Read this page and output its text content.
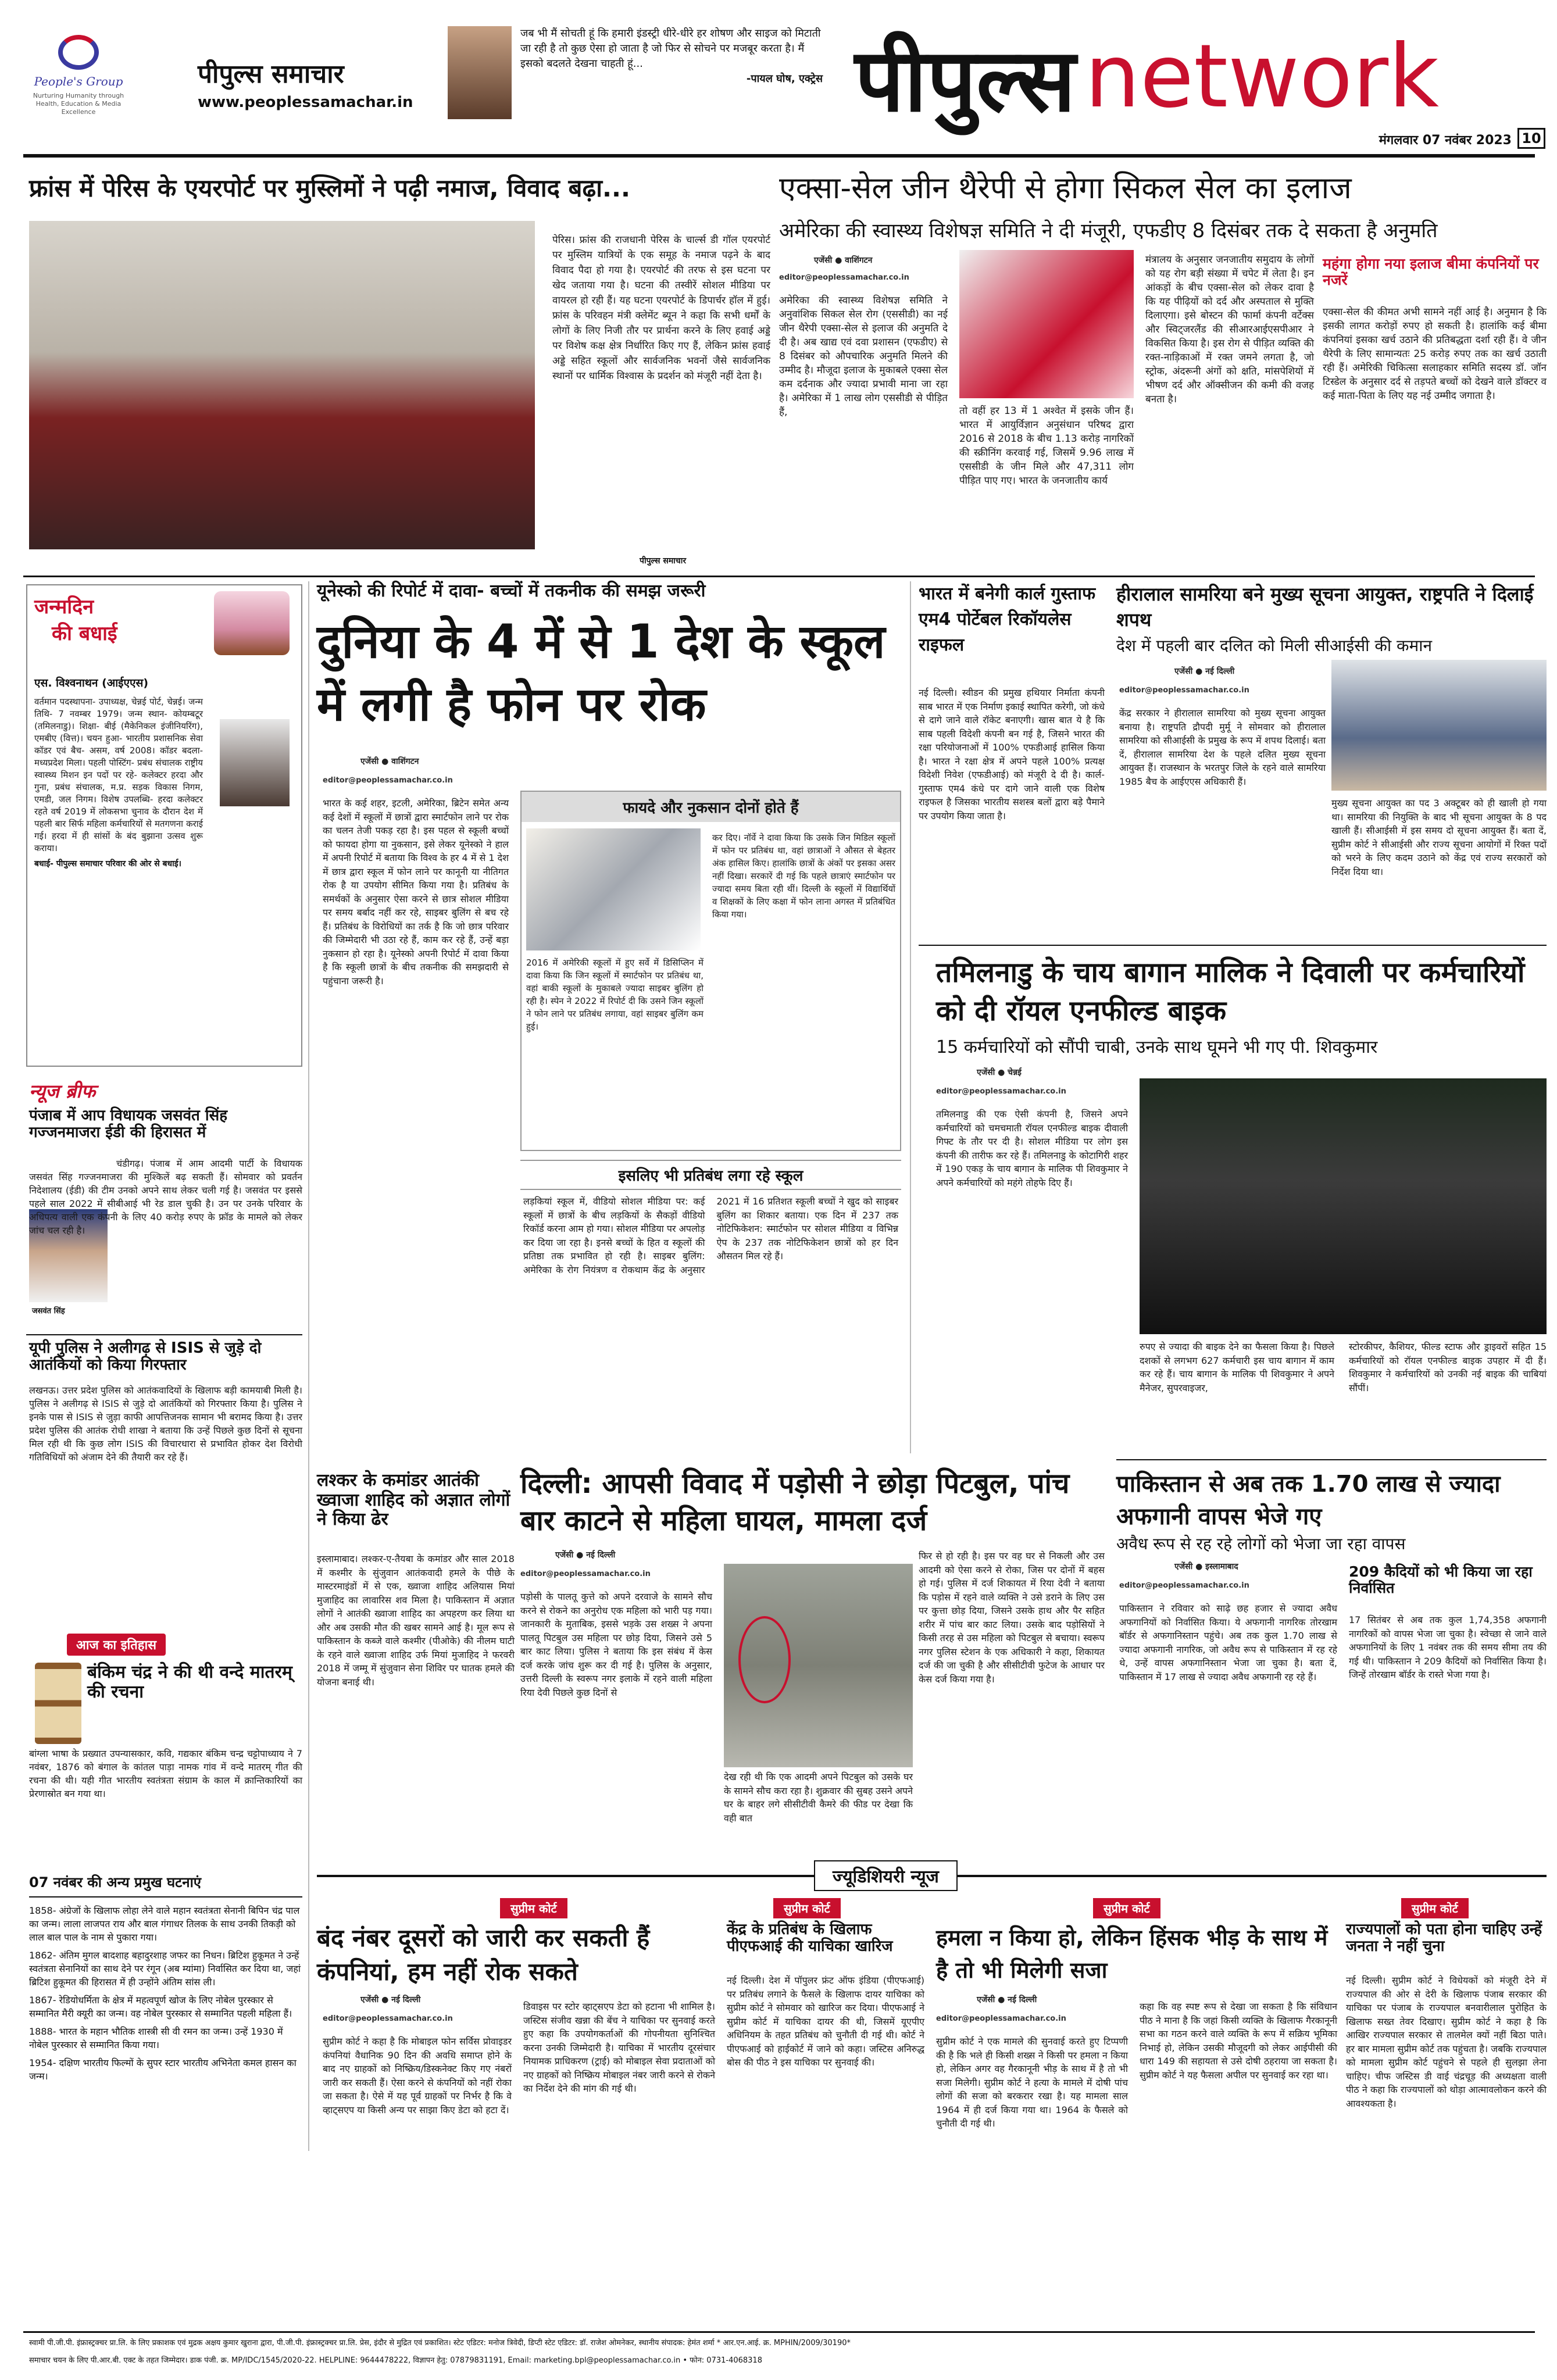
People's Group
Nurturing Humanity through Health, Education & Media Excellence
पीपुल्स समाचार
www.peoplessamachar.in
जब भी मैं सोचती हूं कि हमारी इंडस्ट्री धीरे-धीरे हर शोषण और साइज को मिटाती जा रही है तो कुछ ऐसा हो जाता है जो फिर से सोचने पर मजबूर करता है। मैं इसको बदलते देखना चाहती हूं...
-पायल घोष, एक्ट्रेस पीपुल्स network
मंगलवार 07 नवंबर 2023 10
फ्रांस में पेरिस के एयरपोर्ट पर मुस्लिमों ने पढ़ी नमाज, विवाद बढ़ा...
पेरिस। फ्रांस की राजधानी पेरिस के चार्ल्स डी गॉल एयरपोर्ट पर मुस्लिम यात्रियों के एक समूह के नमाज पढ़ने के बाद विवाद पैदा हो गया है। एयरपोर्ट की तरफ से इस घटना पर खेद जताया गया है। घटना की तस्वीरें सोशल मीडिया पर वायरल हो रही हैं। यह घटना एयरपोर्ट के डिपार्चर हॉल में हुई। फ्रांस के परिवहन मंत्री क्लेमेंट ब्यून ने कहा कि सभी धर्मों के लोगों के लिए निजी तौर पर प्रार्थना करने के लिए हवाई अड्डे पर विशेष कक्ष क्षेत्र निर्धारित किए गए हैं, लेकिन फ्रांस हवाई अड्डे सहित स्कूलों और सार्वजनिक भवनों जैसे सार्वजनिक स्थानों पर धार्मिक विश्वास के प्रदर्शन को मंजूरी नहीं देता है।
पीपुल्स समाचार
एक्सा-सेल जीन थैरेपी से होगा सिकल सेल का इलाज
अमेरिका की स्वास्थ्य विशेषज्ञ समिति ने दी मंजूरी, एफडीए 8 दिसंबर तक दे सकता है अनुमति
एजेंसी ● वाशिंगटन
editor@peoplessamachar.co.in
अमेरिका की स्वास्थ्य विशेषज्ञ समिति ने अनुवांशिक सिकल सेल रोग (एससीडी) का नई जीन थैरेपी एक्सा-सेल से इलाज की अनुमति दे दी है। अब खाद्य एवं दवा प्रशासन (एफडीए) से 8 दिसंबर को औपचारिक अनुमति मिलने की उम्मीद है। मौजूदा इलाज के मुकाबले एक्सा सेल कम दर्दनाक और ज्यादा प्रभावी माना जा रहा है। अमेरिका में 1 लाख लोग एससीडी से पीड़ित हैं,	तो वहीं हर 13 में 1 अश्वेत में इसके जीन हैं। भारत में आयुर्विज्ञान अनुसंधान परिषद द्वारा 2016 से 2018 के बीच 1.13 करोड़ नागरिकों की स्क्रीनिंग करवाई गई, जिसमें 9.96 लाख में एससीडी के जीन मिले और 47,311 लोग पीड़ित पाए गए। भारत के जनजातीय कार्य
मंत्रालय के अनुसार जनजातीय समुदाय के लोगों को यह रोग बड़ी संख्या में चपेट में लेता है। इन आंकड़ों के बीच एक्सा-सेल को लेकर दावा है कि यह पीढ़ियों को दर्द और अस्पताल से मुक्ति दिलाएगा। इसे बोस्टन की फार्मा कंपनी वर्टेक्स और स्विट्जरलैंड की सीआरआईएसपीआर ने विकसित किया है। इस रोग से पीड़ित व्यक्ति की रक्त-नाड़िकाओं में रक्त जमने लगता है, जो स्ट्रोक, अंदरूनी अंगों को क्षति, मांसपेशियों में भीषण दर्द और ऑक्सीजन की कमी की वजह बनता है।
महंगा होगा नया इलाज बीमा कंपनियों पर नजरें
एक्सा-सेल की कीमत अभी सामने नहीं आई है। अनुमान है कि इसकी लागत करोड़ों रुपए हो सकती है। हालांकि कई बीमा कंपनियां इसका खर्च उठाने की प्रतिबद्धता दर्शा रही हैं। वे जीन थैरेपी के लिए सामान्यतः 25 करोड़ रुपए तक का खर्च उठाती रही हैं। अमेरिकी चिकित्सा सलाहकार समिति सदस्य डॉ. जॉन टिस्डेल के अनुसार दर्द से तड़पते बच्चों को देखने वाले डॉक्टर व कई माता-पिता के लिए यह नई उम्मीद जगाता है।
जन्मदिन
की बधाई
एस. विश्वनाथन (आईएएस)
वर्तमान पदस्थापना- उपाध्यक्ष, चेन्नई पोर्ट, चेन्नई। जन्म तिथि- 7 नवम्बर 1979। जन्म स्थान- कोयम्बटूर (तमिलनाडु)। शिक्षा- बीई (मैकेनिकल इंजीनियरिंग), एमबीए (वित्त)। चयन हुआ- भारतीय प्रशासनिक सेवा कॉडर एवं बैच- असम, वर्ष 2008। कॉडर बदला- मध्यप्रदेश मिला। पहली पोस्टिंग- प्रबंध संचालक राष्ट्रीय स्वास्थ्य मिशन इन पदों पर रहे- कलेक्टर हरदा और गुना, प्रबंध संचालक, म.प्र. सड़क विकास निगम, एमडी, जल निगम। विशेष उपलब्धि- हरदा कलेक्टर रहते वर्ष 2019 में लोकसभा चुनाव के दौरान देश में पहली बार सिर्फ महिला कर्मचारियों से मतगणना कराई गई। हरदा में ही सांसों के बंद बुझाना उत्सव शुरू कराया।
बधाई- पीपुल्स समाचार परिवार की ओर से बधाई।
न्यूज ब्रीफ
पंजाब में आप विधायक जसवंत सिंह गज्जनमाजरा ईडी की हिरासत में
जसवंत सिंह
चंडीगढ़। पंजाब में आम आदमी पार्टी के विधायक जसवंत सिंह गज्जनमाजरा की मुश्किलें बढ़ सकती हैं। सोमवार को प्रवर्तन निदेशालय (ईडी) की टीम उनको अपने साथ लेकर चली गई है। जसवंत पर इससे पहले साल 2022 में सीबीआई भी रेड डाल चुकी है। उन पर उनके परिवार के अधिपत्य वाली एक कंपनी के लिए 40 करोड़ रुपए के फ्रॉड के मामले को लेकर जांच चल रही है।
यूपी पुलिस ने अलीगढ़ से ISIS से जुड़े दो आतंकियों को किया गिरफ्तार
लखनऊ। उत्तर प्रदेश पुलिस को आतंकवादियों के खिलाफ बड़ी कामयाबी मिली है। पुलिस ने अलीगढ़ से ISIS से जुड़े दो आतंकियों को गिरफ्तार किया है। पुलिस ने इनके पास से ISIS से जुड़ा काफी आपत्तिजनक सामान भी बरामद किया है। उत्तर प्रदेश पुलिस की आतंक रोधी शाखा ने बताया कि उन्हें पिछले कुछ दिनों से सूचना मिल रही थी कि कुछ लोग ISIS की विचारधारा से प्रभावित होकर देश विरोधी गतिविधियों को अंजाम देने की तैयारी कर रहे हैं।
आज का इतिहास
बंकिम चंद्र ने की थी वन्दे मातरम् की रचना
बांग्ला भाषा के प्रख्यात उपन्यासकार, कवि, गद्यकार बंकिम चन्द्र चट्टोपाध्याय ने 7 नवंबर, 1876 को बंगाल के कांतल पाड़ा नामक गांव में वन्दे मातरम् गीत की रचना की थी। यही गीत भारतीय स्वतंत्रता संग्राम के काल में क्रान्तिकारियों का प्रेरणास्रोत बन गया था।
07 नवंबर की अन्य प्रमुख घटनाएं
1858- अंग्रेजों के खिलाफ लोहा लेने वाले महान स्वतंत्रता सेनानी बिपिन चंद्र पाल का जन्म। लाला लाजपत राय और बाल गंगाधर तिलक के साथ उनकी तिकड़ी को लाल बाल पाल के नाम से पुकारा गया।
1862- अंतिम मुगल बादशाह बहादुरशाह जफर का निधन। ब्रिटिश हुकूमत ने उन्हें स्वतंत्रता सेनानियों का साथ देने पर रंगून (अब म्यांमा) निर्वासित कर दिया था, जहां ब्रिटिश हुकूमत की हिरासत में ही उन्होंने अंतिम सांस ली।
1867- रेडियोधर्मिता के क्षेत्र में महत्वपूर्ण खोज के लिए नोबेल पुरस्कार से सम्मानित मैरी क्यूरी का जन्म। वह नोबेल पुरस्कार से सम्मानित पहली महिला हैं।
1888- भारत के महान भौतिक शास्त्री सी वी रमन का जन्म। उन्हें 1930 में नोबेल पुरस्कार से सम्मानित किया गया।
1954- दक्षिण भारतीय फिल्मों के सुपर स्टार भारतीय अभिनेता कमल हासन का जन्म।
यूनेस्को की रिपोर्ट में दावा- बच्चों में तकनीक की समझ जरूरी
दुनिया के 4 में से 1 देश के स्कूल में लगी है फोन पर रोक
एजेंसी ● वाशिंगटन
editor@peoplessamachar.co.in
भारत के कई शहर, इटली, अमेरिका, ब्रिटेन समेत अन्य कई देशों में स्कूलों में छात्रों द्वारा स्मार्टफोन लाने पर रोक का चलन तेजी पकड़ रहा है। इस पहल से स्कूली बच्चों को फायदा होगा या नुकसान, इसे लेकर यूनेस्को ने हाल में अपनी रिपोर्ट में बताया कि विश्व के हर 4 में से 1 देश में छात्र द्वारा स्कूल में फोन लाने पर कानूनी या नीतिगत रोक है या उपयोग सीमित किया गया है। प्रतिबंध के समर्थकों के अनुसार ऐसा करने से छात्र सोशल मीडिया पर समय बर्बाद नहीं कर रहे, साइबर बुलिंग से बच रहे हैं। प्रतिबंध के विरोधियों का तर्क है कि जो छात्र परिवार की जिम्मेदारी भी उठा रहे हैं, काम कर रहे हैं, उन्हें बड़ा नुकसान हो रहा है। यूनेस्को अपनी रिपोर्ट में दावा किया है कि स्कूली छात्रों के बीच तकनीक की समझदारी से पहुंचाना जरूरी है।
फायदे और नुकसान दोनों होते हैं
2016 में अमेरिकी स्कूलों में हुए सर्वे में डिसिप्लिन में दावा किया कि जिन स्कूलों में स्मार्टफोन पर प्रतिबंध था, वहां बाकी स्कूलों के मुकाबले ज्यादा साइबर बुलिंग हो रही है। स्पेन ने 2022 में रिपोर्ट दी कि उसने जिन स्कूलों ने फोन लाने पर प्रतिबंध लगाया, वहां साइबर बुलिंग कम हुई।
कर दिए। नॉर्वे ने दावा किया कि उसके जिन मिडिल स्कूलों में फोन पर प्रतिबंध था, वहां छात्राओं ने औसत से बेहतर अंक हासिल किए। हालांकि छात्रों के अंकों पर इसका असर नहीं दिखा। सरकारें दी गई कि पहले छात्राएं स्मार्टफोन पर ज्यादा समय बिता रही थीं। दिल्ली के स्कूलों में विद्यार्थियों व शिक्षकों के लिए कक्षा में फोन लाना अगस्त में प्रतिबंधित किया गया।
इसलिए भी प्रतिबंध लगा रहे स्कूल
लड़कियां स्कूल में, वीडियो सोशल मीडिया पर: कई स्कूलों में छात्रों के बीच लड़कियों के सैकड़ों वीडियो रिकॉर्ड करना आम हो गया। सोशल मीडिया पर अपलोड़ कर दिया जा रहा है। इनसे बच्चों के हित व स्कूलों की प्रतिष्ठा तक प्रभावित हो रही है। साइबर बुलिंग: अमेरिका के रोग नियंत्रण व रोकथाम केंद्र के अनुसार 2021 में 16 प्रतिशत स्कूली बच्चों ने खुद को साइबर बुलिंग का शिकार बताया। एक दिन में 237 तक नोटिफिकेशन: स्मार्टफोन पर सोशल मीडिया व विभिन्न ऐप के 237 तक नोटिफिकेशन छात्रों को हर दिन औसतन मिल रहे हैं।
लश्कर के कमांडर आतंकी ख्वाजा शाहिद को अज्ञात लोगों ने किया ढेर
इस्लामाबाद। लश्कर-ए-तैयबा के कमांडर और साल 2018 में कश्मीर के सुंजुवान आतंकवादी हमले के पीछे के मास्टरमाइंडों में से एक, ख्वाजा शाहिद अलियास मियां मुजाहिद का लावारिस शव मिला है। पाकिस्तान में अज्ञात लोगों ने आतंकी ख्वाजा शाहिद का अपहरण कर लिया था और अब उसकी मौत की खबर सामने आई है। मूल रूप से पाकिस्तान के कब्जे वाले कश्मीर (पीओके) की नीलम घाटी के रहने वाले ख्वाजा शाहिद उर्फ मियां मुजाहिद ने फरवरी 2018 में जम्मू में सुंजुवान सेना शिविर पर घातक हमले की योजना बनाई थी।
दिल्ली: आपसी विवाद में पड़ोसी ने छोड़ा पिटबुल, पांच बार काटने से महिला घायल, मामला दर्ज
एजेंसी ● नई दिल्ली
editor@peoplessamachar.co.in
पड़ोसी के पालतू कुत्ते को अपने दरवाजे के सामने सौच करने से रोकने का अनुरोध एक महिला को भारी पड़ गया। जानकारी के मुताबिक, इससे भड़के उस शख्स ने अपना पालतू पिटबुल उस महिला पर छोड़ दिया, जिसने उसे 5 बार काट लिया। पुलिस ने बताया कि इस संबंध में केस दर्ज करके जांच शुरू कर दी गई है। पुलिस के अनुसार, उत्तरी दिल्ली के स्वरूप नगर इलाके में रहने वाली महिला रिया देवी पिछले कुछ दिनों से
देख रही थी कि एक आदमी अपने पिटबुल को उसके घर के सामने सौच करा रहा है। शुक्रवार की सुबह उसने अपने घर के बाहर लगे सीसीटीवी कैमरे की फीड पर देखा कि वही बात
फिर से हो रही है। इस पर वह घर से निकली और उस आदमी को ऐसा करने से रोका, जिस पर दोनों में बहस हो गई। पुलिस में दर्ज शिकायत में रिया देवी ने बताया कि पड़ोस में रहने वाले व्यक्ति ने उसे डराने के लिए उस पर कुत्ता छोड़ दिया, जिसने उसके हाथ और पैर सहित शरीर में पांच बार काट लिया। उसके बाद पड़ोसियों ने किसी तरह से उस महिला को पिटबुल से बचाया। स्वरूप नगर पुलिस स्टेशन के एक अधिकारी ने कहा, शिकायत दर्ज की जा चुकी है और सीसीटीवी फुटेज के आधार पर केस दर्ज किया गया है।
भारत में बनेगी कार्ल गुस्ताफ एम4 पोर्टेबल रिकॉयलेस राइफल
नई दिल्ली। स्वीडन की प्रमुख हथियार निर्माता कंपनी साब भारत में एक निर्माण इकाई स्थापित करेगी, जो कंधे से दागे जाने वाले रॉकेट बनाएगी। खास बात ये है कि साब पहली विदेशी कंपनी बन गई है, जिसने भारत की रक्षा परियोजनाओं में 100% एफडीआई हासिल किया है। भारत ने रक्षा क्षेत्र में अपने पहले 100% प्रत्यक्ष विदेशी निवेश (एफडीआई) को मंजूरी दे दी है। कार्ल-गुस्ताफ एम4 कंधे पर दागे जाने वाली एक विशेष राइफल है जिसका भारतीय सशस्त्र बलों द्वारा बड़े पैमाने पर उपयोग किया जाता है।
हीरालाल सामरिया बने मुख्य सूचना आयुक्त, राष्ट्रपति ने दिलाई शपथ
देश में पहली बार दलित को मिली सीआईसी की कमान
एजेंसी ● नई दिल्ली
editor@peoplessamachar.co.in
केंद्र सरकार ने हीरालाल सामरिया को मुख्य सूचना आयुक्त बनाया है। राष्ट्रपति द्रौपदी मुर्मू ने सोमवार को हीरालाल सामरिया को सीआईसी के प्रमुख के रूप में शपथ दिलाई। बता दें, हीरालाल सामरिया देश के पहले दलित मुख्य सूचना आयुक्त हैं। राजस्थान के भरतपुर जिले के रहने वाले सामरिया 1985 बैच के आईएएस अधिकारी हैं।
मुख्य सूचना आयुक्त का पद 3 अक्टूबर को ही खाली हो गया था। सामरिया की नियुक्ति के बाद भी सूचना आयुक्त के 8 पद खाली हैं। सीआईसी में इस समय दो सूचना आयुक्त हैं। बता दें, सुप्रीम कोर्ट ने सीआईसी और राज्य सूचना आयोगों में रिक्त पदों को भरने के लिए कदम उठाने को केंद्र एवं राज्य सरकारों को निर्देश दिया था।
तमिलनाडु के चाय बागान मालिक ने दिवाली पर कर्मचारियों को दी रॉयल एनफील्ड बाइक
15 कर्मचारियों को सौंपी चाबी, उनके साथ घूमने भी गए पी. शिवकुमार
एजेंसी ● चेन्नई
editor@peoplessamachar.co.in
तमिलनाडु की एक ऐसी कंपनी है, जिसने अपने कर्मचारियों को चमचमाती रॉयल एनफील्ड बाइक दीवाली गिफ्ट के तौर पर दी है। सोशल मीडिया पर लोग इस कंपनी की तारीफ कर रहे हैं। तमिलनाडु के कोटागिरी शहर में 190 एकड़ के चाय बागान के मालिक पी शिवकुमार ने अपने कर्मचारियों को महंगे तोहफे दिए हैं।
रुपए से ज्यादा की बाइक देने का फैसला किया है। पिछले दशकों से लगभग 627 कर्मचारी इस चाय बागान में काम कर रहे हैं। चाय बागान के मालिक पी शिवकुमार ने अपने मैनेजर, सुपरवाइजर,
स्टोरकीपर, कैशियर, फील्ड स्टाफ और ड्राइवरों सहित 15 कर्मचारियों को रॉयल एनफील्ड बाइक उपहार में दी हैं। शिवकुमार ने कर्मचारियों को उनकी नई बाइक की चाबियां सौंपीं।
पाकिस्तान से अब तक 1.70 लाख से ज्यादा अफगानी वापस भेजे गए
अवैध रूप से रह रहे लोगों को भेजा जा रहा वापस
एजेंसी ● इस्लामाबाद
editor@peoplessamachar.co.in
पाकिस्तान ने रविवार को साढ़े छह हजार से ज्यादा अवैध अफगानियों को निर्वासित किया। ये अफगानी नागरिक तोरखाम बॉर्डर से अफगानिस्तान पहुंचे। अब तक कुल 1.70 लाख से ज्यादा अफगानी नागरिक, जो अवैध रूप से पाकिस्तान में रह रहे थे, उन्हें वापस अफगानिस्तान भेजा जा चुका है। बता दें, पाकिस्तान में 17 लाख से ज्यादा अवैध अफगानी रह रहे हैं।
209 कैदियों को भी किया जा रहा निर्वासित
17 सितंबर से अब तक कुल 1,74,358 अफगानी नागरिकों को वापस भेजा जा चुका है। स्वेच्छा से जाने वाले अफगानियों के लिए 1 नवंबर तक की समय सीमा तय की गई थी। पाकिस्तान ने 209 कैदियों को निर्वासित किया है। जिन्हें तोरखाम बॉर्डर के रास्ते भेजा गया है।
ज्यूडिशियरी न्यूज
सुप्रीम कोर्ट
बंद नंबर दूसरों को जारी कर सकती हैं कंपनियां, हम नहीं रोक सकते
एजेंसी ● नई दिल्ली
editor@peoplessamachar.co.in
सुप्रीम कोर्ट ने कहा है कि मोबाइल फोन सर्विस प्रोवाइडर कंपनियां वैधानिक 90 दिन की अवधि समाप्त होने के बाद नए ग्राहकों को निष्क्रिय/डिस्कनेक्ट किए गए नंबरों जारी कर सकती हैं। ऐसा करने से कंपनियों को नहीं रोका जा सकता है। ऐसे में यह पूर्व ग्राहकों पर निर्भर है कि वे व्हाट्सएप या किसी अन्य पर साझा किए डेटा को हटा दें।
डिवाइस पर स्टोर व्हाट्सएप डेटा को हटाना भी शामिल है। जस्टिस संजीव खन्ना की बेंच ने याचिका पर सुनवाई करते हुए कहा कि उपयोगकर्ताओं की गोपनीयता सुनिश्चित करना उनकी जिम्मेदारी है। याचिका में भारतीय दूरसंचार नियामक प्राधिकरण (ट्राई) को मोबाइल सेवा प्रदाताओं को नए ग्राहकों को निष्क्रिय मोबाइल नंबर जारी करने से रोकने का निर्देश देने की मांग की गई थी।
सुप्रीम कोर्ट
केंद्र के प्रतिबंध के खिलाफ पीएफआई की याचिका खारिज
नई दिल्ली। देश में पॉपुलर फ्रंट ऑफ इंडिया (पीएफआई) पर प्रतिबंध लगाने के फैसले के खिलाफ दायर याचिका को सुप्रीम कोर्ट ने सोमवार को खारिज कर दिया। पीएफआई ने सुप्रीम कोर्ट में याचिका दायर की थी, जिसमें यूएपीए अधिनियम के तहत प्रतिबंध को चुनौती दी गई थी। कोर्ट ने पीएफआई को हाईकोर्ट में जाने को कहा। जस्टिस अनिरुद्ध बोस की पीठ ने इस याचिका पर सुनवाई की।
सुप्रीम कोर्ट
हमला न किया हो, लेकिन हिंसक भीड़ के साथ में है तो भी मिलेगी सजा
एजेंसी ● नई दिल्ली
editor@peoplessamachar.co.in
सुप्रीम कोर्ट ने एक मामले की सुनवाई करते हुए टिप्पणी की है कि भले ही किसी शख्स ने किसी पर हमला न किया हो, लेकिन अगर वह गैरकानूनी भीड़ के साथ में है तो भी सजा मिलेगी। सुप्रीम कोर्ट ने हत्या के मामले में दोषी पांच लोगों की सजा को बरकरार रखा है। यह मामला साल 1964 में ही दर्ज किया गया था। 1964 के फैसले को चुनौती दी गई थी।
कहा कि वह स्पष्ट रूप से देखा जा सकता है कि संविधान पीठ ने माना है कि जहां किसी व्यक्ति के खिलाफ गैरकानूनी सभा का गठन करने वाले व्यक्ति के रूप में सक्रिय भूमिका निभाई हो, लेकिन उसकी मौजूदगी को लेकर आईपीसी की धारा 149 की सहायता से उसे दोषी ठहराया जा सकता है। सुप्रीम कोर्ट ने यह फैसला अपील पर सुनवाई कर रहा था।
सुप्रीम कोर्ट
राज्यपालों को पता होना चाहिए उन्हें जनता ने नहीं चुना
नई दिल्ली। सुप्रीम कोर्ट ने विधेयकों को मंजूरी देने में राज्यपाल की ओर से देरी के खिलाफ पंजाब सरकार की याचिका पर पंजाब के राज्यपाल बनवारीलाल पुरोहित के खिलाफ सख्त तेवर दिखाए। सुप्रीम कोर्ट ने कहा है कि आखिर राज्यपाल सरकार से तालमेल क्यों नहीं बिठा पाते। हर बार मामला सुप्रीम कोर्ट तक पहुंचता है। जबकि राज्यपाल को मामला सुप्रीम कोर्ट पहुंचने से पहले ही सुलझा लेना चाहिए। चीफ जस्टिस डी वाई चंद्रचूड़ की अध्यक्षता वाली पीठ ने कहा कि राज्यपालों को थोड़ा आत्मावलोकन करने की आवश्यकता है।
स्वामी पी.जी.पी. इंफ्रास्ट्रक्चर प्रा.लि. के लिए प्रकाशक एवं मुद्रक अक्षय कुमार खुराना द्वारा, पी.जी.पी. इंफ्रास्ट्रक्चर प्रा.लि. प्रेस, इंदौर से मुद्रित एवं प्रकाशित। स्टेट एडिटर: मनोज त्रिवेदी, डिप्टी स्टेट एडिटर: डॉ. राजेश ओमनेकर, स्थानीय संपादक: हेमंत शर्मा * आर.एन.आई. क्र. MPHIN/2009/30190*
समाचार चयन के लिए पी.आर.बी. एक्ट के तहत जिम्मेदार। डाक पंजी. क्र. MP/IDC/1545/2020-22. HELPLINE: 9644478222, विज्ञापन हेतु: 07879831191, Email: marketing.bpl@peoplessamachar.co.in • फोन: 0731-4068318
